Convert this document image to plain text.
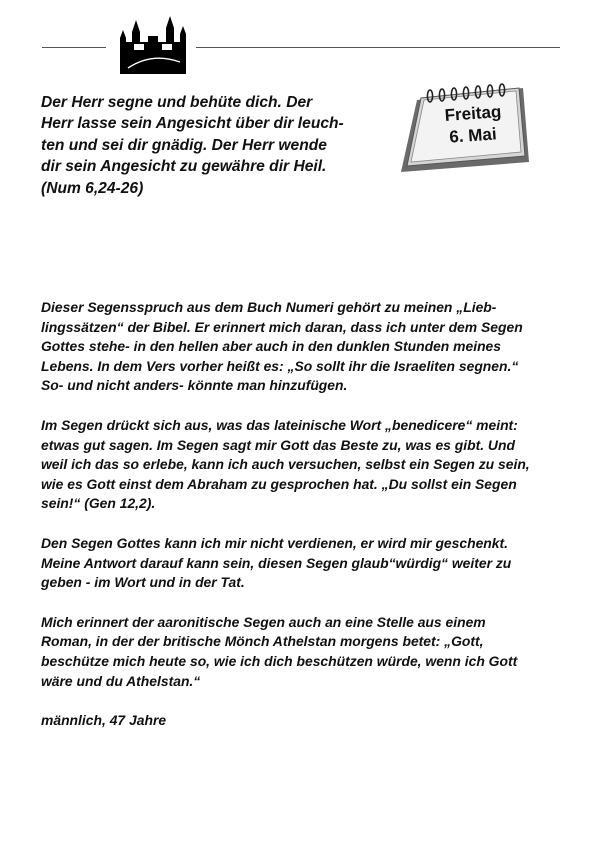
Der Herr segne und behüte dich. Der
Herr lasse sein Angesicht über dir leuch-
ten und sei dir gnädig. Der Herr wende
dir sein Angesicht zu gewähre dir Heil.
(Num 6,24-26)

Freitag
6. Mai

Dieser Segensspruch aus dem Buch Numeri gehört zu meinen „Lieb-
lingssätzen“ der Bibel. Er erinnert mich daran, dass ich unter dem Segen
Gottes stehe- in den hellen aber auch in den dunklen Stunden meines
Lebens. In dem Vers vorher heißt es: „So sollt ihr die Israeliten segnen.“
So- und nicht anders- könnte man hinzufügen.

Im Segen drückt sich aus, was das lateinische Wort „benedicere“ meint:
etwas gut sagen. Im Segen sagt mir Gott das Beste zu, was es gibt. Und
weil ich das so erlebe, kann ich auch versuchen, selbst ein Segen zu sein,
wie es Gott einst dem Abraham zu gesprochen hat. „Du sollst ein Segen
sein!“ (Gen 12,2).

Den Segen Gottes kann ich mir nicht verdienen, er wird mir geschenkt.
Meine Antwort darauf kann sein, diesen Segen glaub“würdig“ weiter zu
geben - im Wort und in der Tat.

Mich erinnert der aaronitische Segen auch an eine Stelle aus einem
Roman, in der der britische Mönch Athelstan morgens betet: „Gott,
beschütze mich heute so, wie ich dich beschützen würde, wenn ich Gott
wäre und du Athelstan.“

männlich, 47 Jahre
